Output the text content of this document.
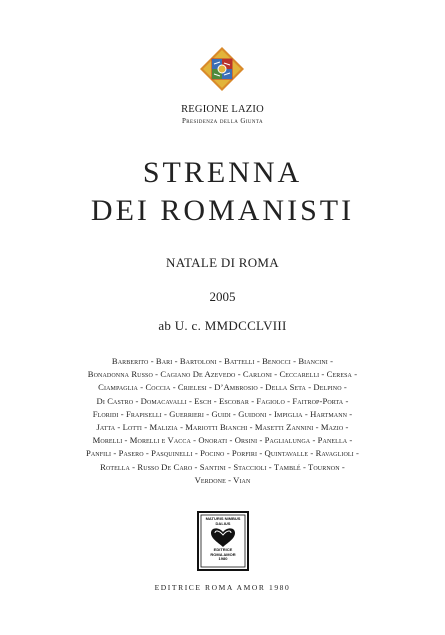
REGIONE LAZIO
Presidenza della Giunta
STRENNA
DEI ROMANISTI
NATALE DI ROMA
2005
ab U. c. MMDCCLVIII
Barberito - Bari - Bartoloni - Battelli - Benocci - Biancini -
Bonadonna Russo - Cagiano De Azevedo - Carloni - Ceccarelli - Ceresa -
Ciampaglia - Coccia - Crielesi - D’Ambrosio - Della Seta - Delpino -
Di Castro - Domacavalli - Esch - Escobar - Fagiolo - Faitrop-Porta -
Floridi - Frapiselli - Guerrieri - Guidi - Guidoni - Impiglia - Hartmann -
Jatta - Lotti - Malizia - Mariotti Bianchi - Masetti Zannini - Mazio -
Morelli - Morelli e Vacca - Onorati - Orsini - Paglialunga - Panella -
Panfili - Pasero - Pasquinelli - Pocino - Porfiri - Quintavalle - Ravaglioli -
Rotella - Russo De Caro - Santini - Staccioli - Tamblé - Tournon -
Verdone - Vian
MATURIS NIMBUS
DALIUS
EDITRICE
ROMA AMOR
1980
EDITRICE ROMA AMOR 1980
